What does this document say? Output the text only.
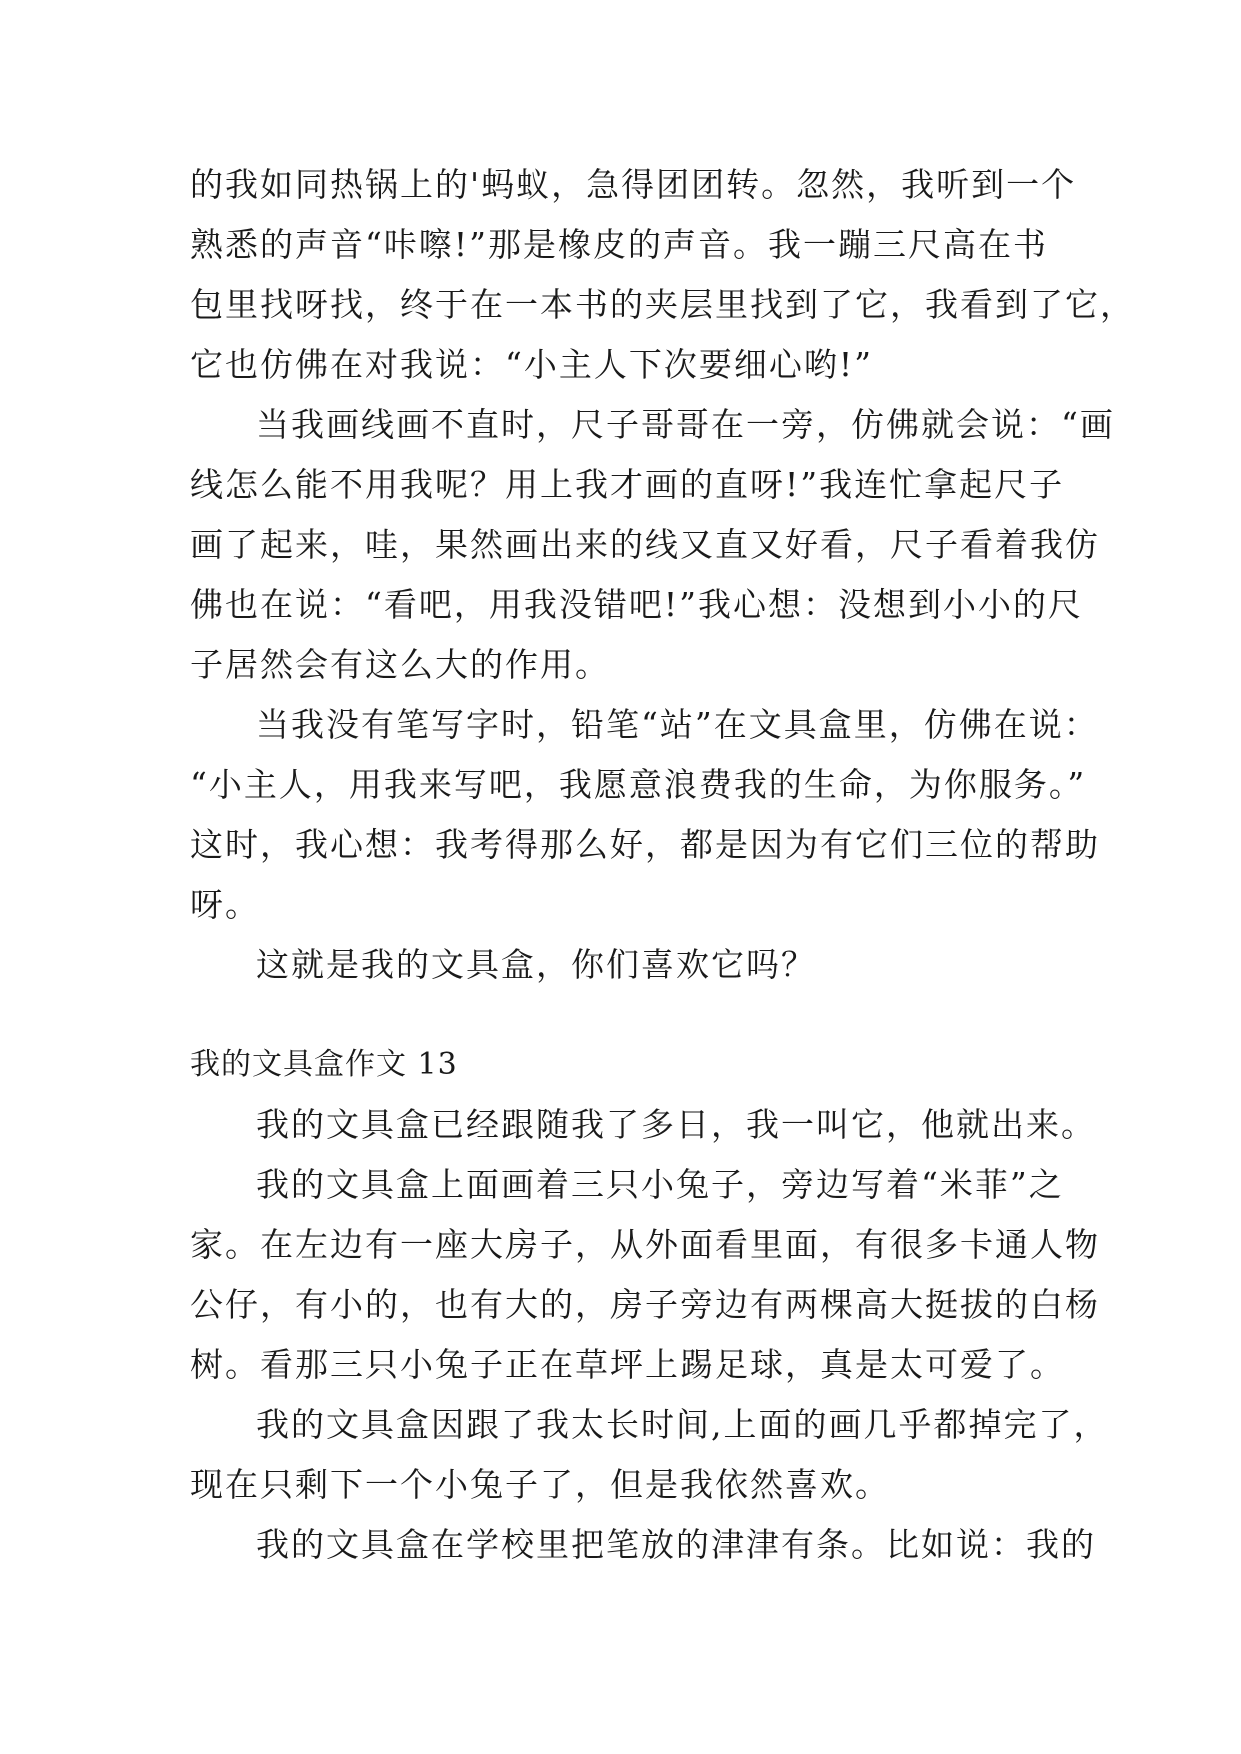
的我如同热锅上的'蚂蚁，急得团团转。忽然，我听到一个
熟悉的声音“咔嚓!”那是橡皮的声音。我一蹦三尺高在书
包里找呀找，终于在一本书的夹层里找到了它，我看到了它，
它也仿佛在对我说：“小主人下次要细心哟!”
当我画线画不直时，尺子哥哥在一旁，仿佛就会说：“画
线怎么能不用我呢？用上我才画的直呀!”我连忙拿起尺子
画了起来，哇，果然画出来的线又直又好看，尺子看着我仿
佛也在说：“看吧，用我没错吧!”我心想：没想到小小的尺
子居然会有这么大的作用。
当我没有笔写字时，铅笔“站”在文具盒里，仿佛在说：
“小主人，用我来写吧，我愿意浪费我的生命，为你服务。”
这时，我心想：我考得那么好，都是因为有它们三位的帮助
呀。
这就是我的文具盒，你们喜欢它吗？
我的文具盒作文 13
我的文具盒已经跟随我了多日，我一叫它，他就出来。
我的文具盒上面画着三只小兔子，旁边写着“米菲”之
家。在左边有一座大房子，从外面看里面，有很多卡通人物
公仔，有小的，也有大的，房子旁边有两棵高大挺拔的白杨
树。看那三只小兔子正在草坪上踢足球，真是太可爱了。
我的文具盒因跟了我太长时间,上面的画几乎都掉完了，
现在只剩下一个小兔子了，但是我依然喜欢。
我的文具盒在学校里把笔放的津津有条。比如说：我的
